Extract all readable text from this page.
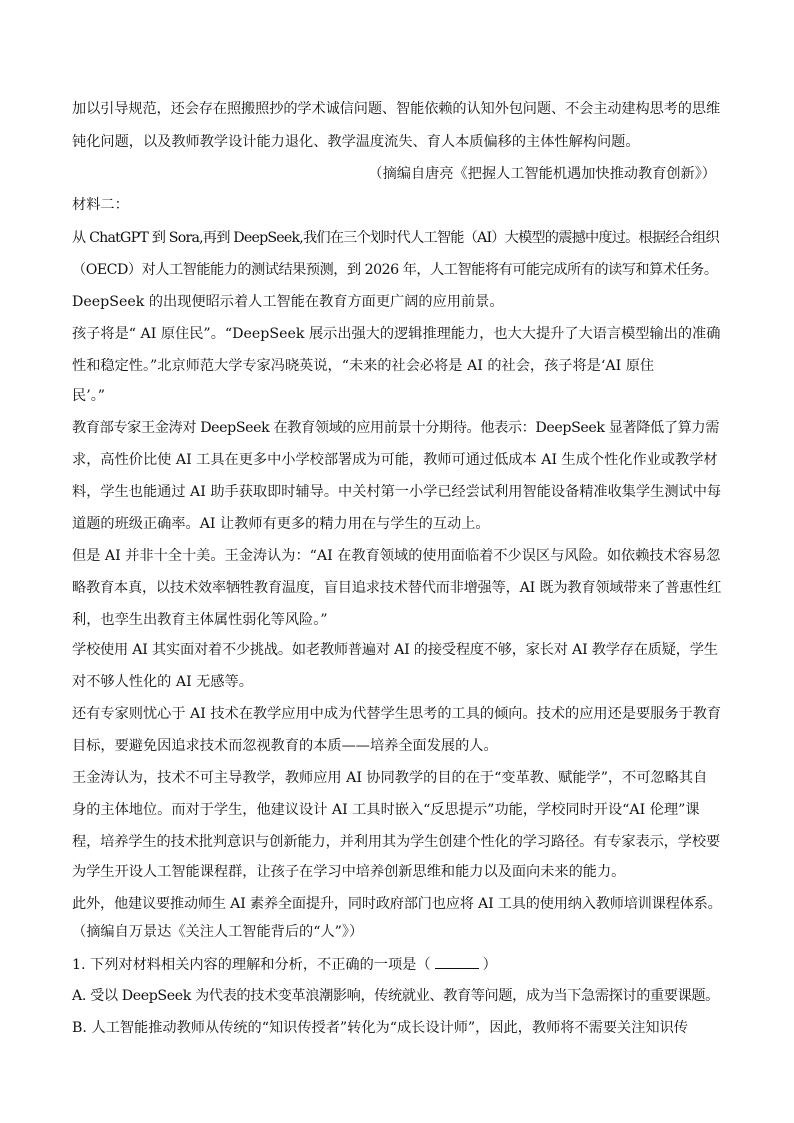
加以引导规范，还会存在照搬照抄的学术诚信问题、智能依赖的认知外包问题、不会主动建构思考的思维
钝化问题，以及教师教学设计能力退化、教学温度流失、育人本质偏移的主体性解构问题。
（摘编自唐亮《把握人工智能机遇加快推动教育创新》）
材料二：
从 ChatGPT 到 Sora,再到 DeepSeek,我们在三个划时代人工智能（AI）大模型的震撼中度过。根据经合组织
（OECD）对人工智能能力的测试结果预测，到 2026 年，人工智能将有可能完成所有的读写和算术任务。
DeepSeek 的出现便昭示着人工智能在教育方面更广阔的应用前景。
孩子将是“ AI 原住民”。“DeepSeek 展示出强大的逻辑推理能力，也大大提升了大语言模型输出的准确
性和稳定性。”北京师范大学专家冯晓英说，“未来的社会必将是 AI 的社会，孩子将是‘AI 原住
民’。”
教育部专家王金涛对 DeepSeek 在教育领域的应用前景十分期待。他表示：DeepSeek 显著降低了算力需
求，高性价比使 AI 工具在更多中小学校部署成为可能，教师可通过低成本 AI 生成个性化作业或教学材
料，学生也能通过 AI 助手获取即时辅导。中关村第一小学已经尝试利用智能设备精准收集学生测试中每
道题的班级正确率。AI 让教师有更多的精力用在与学生的互动上。
但是 AI 并非十全十美。王金涛认为：“AI 在教育领域的使用面临着不少误区与风险。如依赖技术容易忽
略教育本真，以技术效率牺牲教育温度，盲目追求技术替代而非增强等，AI 既为教育领域带来了普惠性红
利，也孪生出教育主体属性弱化等风险。”
学校使用 AI 其实面对着不少挑战。如老教师普遍对 AI 的接受程度不够，家长对 AI 教学存在质疑，学生
对不够人性化的 AI 无感等。
还有专家则忧心于 AI 技术在教学应用中成为代替学生思考的工具的倾向。技术的应用还是要服务于教育
目标，要避免因追求技术而忽视教育的本质——培养全面发展的人。
王金涛认为，技术不可主导教学，教师应用 AI 协同教学的目的在于“变革教、赋能学”，不可忽略其自
身的主体地位。而对于学生，他建议设计 AI 工具时嵌入“反思提示”功能，学校同时开设“AI 伦理”课
程，培养学生的技术批判意识与创新能力，并利用其为学生创建个性化的学习路径。有专家表示，学校要
为学生开设人工智能课程群，让孩子在学习中培养创新思维和能力以及面向未来的能力。
此外，他建议要推动师生 AI 素养全面提升，同时政府部门也应将 AI 工具的使用纳入教师培训课程体系。
（摘编自万景达《关注人工智能背后的“人”》）
1. 下列对材料相关内容的理解和分析，不正确的一项是（	）
A. 受以 DeepSeek 为代表的技术变革浪潮影响，传统就业、教育等问题，成为当下急需探讨的重要课题。
B. 人工智能推动教师从传统的“知识传授者”转化为“成长设计师”，因此，教师将不需要关注知识传
